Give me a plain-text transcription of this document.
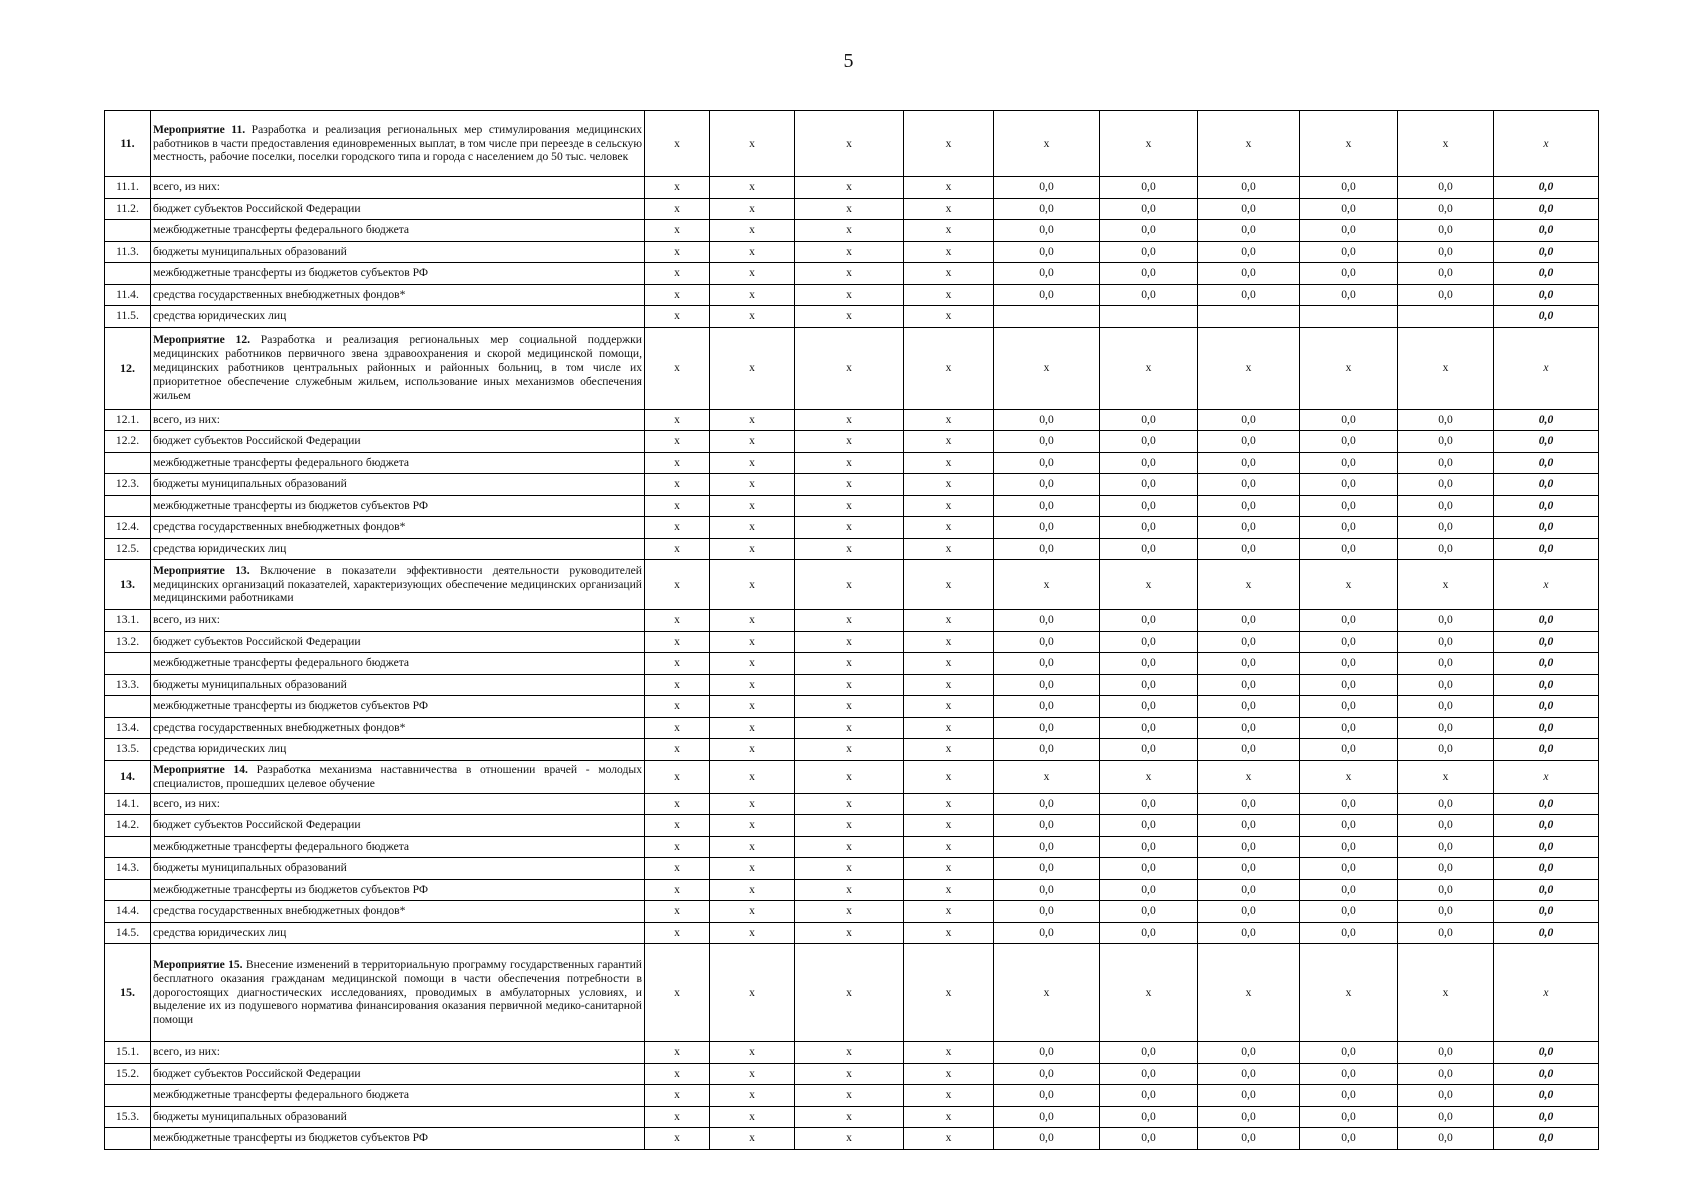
5
11.	Мероприятие 11. Разработка и реализация региональных мер стимулирования медицинских работников в части предоставления единовременных выплат, в том числе при переезде в сельскую местность, рабочие поселки, поселки городского типа и города с населением до 50 тыс. человек	x	x	x	x	x	x	x	x	x	x
11.1.	всего, из них:	x	x	x	x	0,0	0,0	0,0	0,0	0,0	0,0
11.2.	бюджет субъектов Российской Федерации	x	x	x	x	0,0	0,0	0,0	0,0	0,0	0,0
	межбюджетные трансферты федерального бюджета	x	x	x	x	0,0	0,0	0,0	0,0	0,0	0,0
11.3.	бюджеты муниципальных образований	x	x	x	x	0,0	0,0	0,0	0,0	0,0	0,0
	межбюджетные трансферты из бюджетов субъектов РФ	x	x	x	x	0,0	0,0	0,0	0,0	0,0	0,0
11.4.	средства государственных внебюджетных фондов*	x	x	x	x	0,0	0,0	0,0	0,0	0,0	0,0
11.5.	средства юридических лиц	x	x	x	x						0,0
12.	Мероприятие 12. Разработка и реализация региональных мер социальной поддержки медицинских работников первичного звена здравоохранения и скорой медицинской помощи, медицинских работников центральных районных и районных больниц, в том числе их приоритетное обеспечение служебным жильем, использование иных механизмов обеспечения жильем	x	x	x	x	x	x	x	x	x	x
12.1.	всего, из них:	x	x	x	x	0,0	0,0	0,0	0,0	0,0	0,0
12.2.	бюджет субъектов Российской Федерации	x	x	x	x	0,0	0,0	0,0	0,0	0,0	0,0
	межбюджетные трансферты федерального бюджета	x	x	x	x	0,0	0,0	0,0	0,0	0,0	0,0
12.3.	бюджеты муниципальных образований	x	x	x	x	0,0	0,0	0,0	0,0	0,0	0,0
	межбюджетные трансферты из бюджетов субъектов РФ	x	x	x	x	0,0	0,0	0,0	0,0	0,0	0,0
12.4.	средства государственных внебюджетных фондов*	x	x	x	x	0,0	0,0	0,0	0,0	0,0	0,0
12.5.	средства юридических лиц	x	x	x	x	0,0	0,0	0,0	0,0	0,0	0,0
13.	Мероприятие 13. Включение в показатели эффективности деятельности руководителей медицинских организаций показателей, характеризующих обеспечение медицинских организаций медицинскими работниками	x	x	x	x	x	x	x	x	x	x
13.1.	всего, из них:	x	x	x	x	0,0	0,0	0,0	0,0	0,0	0,0
13.2.	бюджет субъектов Российской Федерации	x	x	x	x	0,0	0,0	0,0	0,0	0,0	0,0
	межбюджетные трансферты федерального бюджета	x	x	x	x	0,0	0,0	0,0	0,0	0,0	0,0
13.3.	бюджеты муниципальных образований	x	x	x	x	0,0	0,0	0,0	0,0	0,0	0,0
	межбюджетные трансферты из бюджетов субъектов РФ	x	x	x	x	0,0	0,0	0,0	0,0	0,0	0,0
13.4.	средства государственных внебюджетных фондов*	x	x	x	x	0,0	0,0	0,0	0,0	0,0	0,0
13.5.	средства юридических лиц	x	x	x	x	0,0	0,0	0,0	0,0	0,0	0,0
14.	Мероприятие 14. Разработка механизма наставничества в отношении врачей - молодых специалистов, прошедших целевое обучение	x	x	x	x	x	x	x	x	x	x
14.1.	всего, из них:	x	x	x	x	0,0	0,0	0,0	0,0	0,0	0,0
14.2.	бюджет субъектов Российской Федерации	x	x	x	x	0,0	0,0	0,0	0,0	0,0	0,0
	межбюджетные трансферты федерального бюджета	x	x	x	x	0,0	0,0	0,0	0,0	0,0	0,0
14.3.	бюджеты муниципальных образований	x	x	x	x	0,0	0,0	0,0	0,0	0,0	0,0
	межбюджетные трансферты из бюджетов субъектов РФ	x	x	x	x	0,0	0,0	0,0	0,0	0,0	0,0
14.4.	средства государственных внебюджетных фондов*	x	x	x	x	0,0	0,0	0,0	0,0	0,0	0,0
14.5.	средства юридических лиц	x	x	x	x	0,0	0,0	0,0	0,0	0,0	0,0
15.	Мероприятие 15. Внесение изменений в территориальную программу государственных гарантий бесплатного оказания гражданам медицинской помощи в части обеспечения потребности в дорогостоящих диагностических исследованиях, проводимых в амбулаторных условиях, и выделение их из подушевого норматива финансирования оказания первичной медико-санитарной помощи	x	x	x	x	x	x	x	x	x	x
15.1.	всего, из них:	x	x	x	x	0,0	0,0	0,0	0,0	0,0	0,0
15.2.	бюджет субъектов Российской Федерации	x	x	x	x	0,0	0,0	0,0	0,0	0,0	0,0
	межбюджетные трансферты федерального бюджета	x	x	x	x	0,0	0,0	0,0	0,0	0,0	0,0
15.3.	бюджеты муниципальных образований	x	x	x	x	0,0	0,0	0,0	0,0	0,0	0,0
	межбюджетные трансферты из бюджетов субъектов РФ	x	x	x	x	0,0	0,0	0,0	0,0	0,0	0,0
